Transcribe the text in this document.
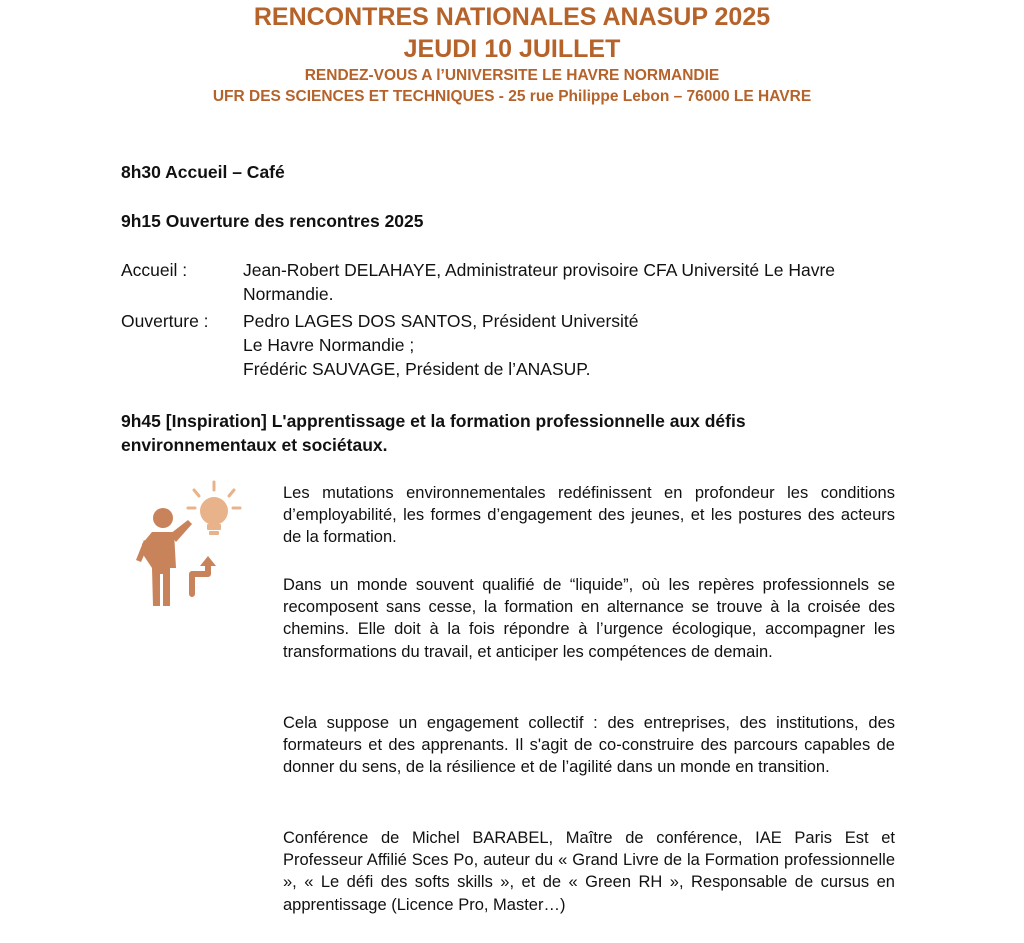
RENCONTRES NATIONALES ANASUP 2025
JEUDI 10 JUILLET
RENDEZ-VOUS A l’UNIVERSITE LE HAVRE NORMANDIE
UFR DES SCIENCES ET TECHNIQUES - 25 rue Philippe Lebon – 76000 LE HAVRE
8h30 Accueil – Café
9h15 Ouverture des rencontres 2025
Accueil :	Jean-Robert DELAHAYE, Administrateur provisoire CFA Université Le Havre Normandie.
Ouverture : Pedro LAGES DOS SANTOS, Président Université
Le Havre Normandie ;
Frédéric SAUVAGE, Président de l’ANASUP.
9h45 [Inspiration] L'apprentissage et la formation professionnelle aux défis environnementaux et sociétaux.
Les mutations environnementales redéfinissent en profondeur les conditions d’employabilité, les formes d’engagement des jeunes, et les postures des acteurs de la formation.
Dans un monde souvent qualifié de “liquide”, où les repères professionnels se recomposent sans cesse, la formation en alternance se trouve à la croisée des chemins. Elle doit à la fois répondre à l’urgence écologique, accompagner les transformations du travail, et anticiper les compétences de demain.
Cela suppose un engagement collectif : des entreprises, des institutions, des formateurs et des apprenants. Il s'agit de co-construire des parcours capables de donner du sens, de la résilience et de l’agilité dans un monde en transition.
Conférence de Michel BARABEL, Maître de conférence, IAE Paris Est et Professeur Affilié Sces Po, auteur du « Grand Livre de la Formation professionnelle », « Le défi des softs skills », et de « Green RH », Responsable de cursus en apprentissage (Licence Pro, Master…)
